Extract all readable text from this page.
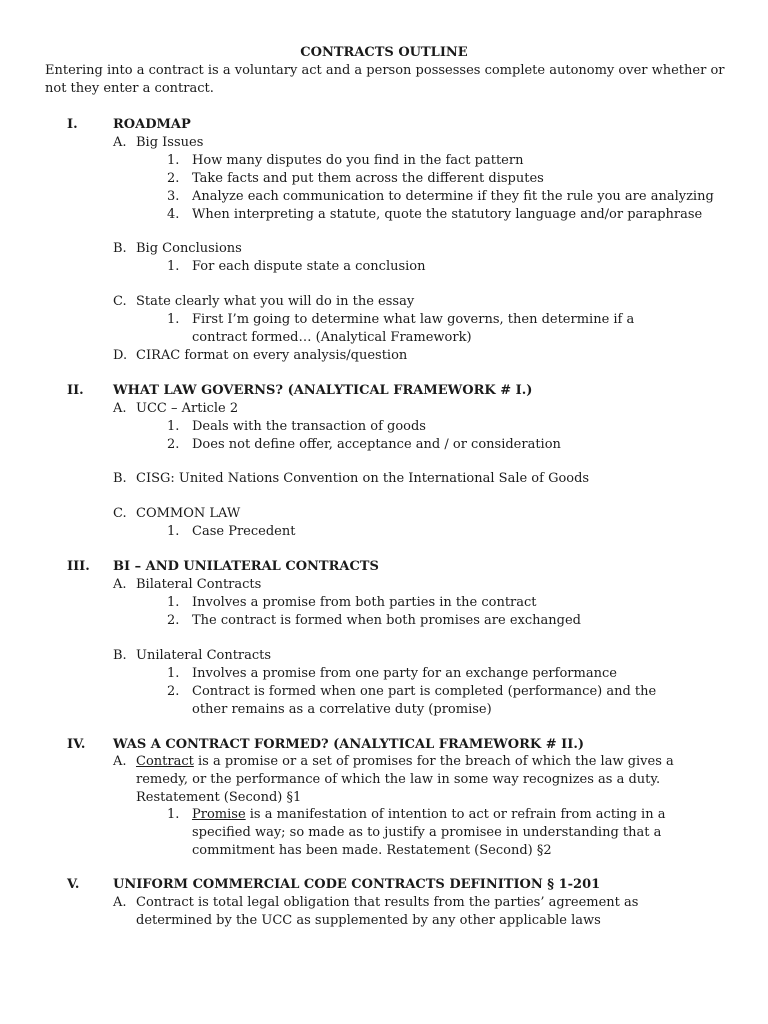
CONTRACTS OUTLINE
Entering into a contract is a voluntary act and a person possesses complete autonomy over whether or not they enter a contract.
I.	ROADMAP
A. Big Issues
1. How many disputes do you find in the fact pattern
2. Take facts and put them across the different disputes
3. Analyze each communication to determine if they fit the rule you are analyzing
4. When interpreting a statute, quote the statutory language and/or paraphrase
B. Big Conclusions
1. For each dispute state a conclusion
C. State clearly what you will do in the essay
1. First I’m going to determine what law governs, then determine if a contract formed… (Analytical Framework)
D. CIRAC format on every analysis/question
II. WHAT LAW GOVERNS? (ANALYTICAL FRAMEWORK # I.)
A. UCC – Article 2
1. Deals with the transaction of goods
2. Does not define offer, acceptance and / or consideration
B. CISG: United Nations Convention on the International Sale of Goods
C. COMMON LAW
1. Case Precedent
III. BI – AND UNILATERAL CONTRACTS
A. Bilateral Contracts
1. Involves a promise from both parties in the contract
2. The contract is formed when both promises are exchanged
B. Unilateral Contracts
1. Involves a promise from one party for an exchange performance
2. Contract is formed when one part is completed (performance) and the other remains as a correlative duty (promise)
IV. WAS A CONTRACT FORMED? (ANALYTICAL FRAMEWORK # II.)
A. Contract is a promise or a set of promises for the breach of which the law gives a remedy, or the performance of which the law in some way recognizes as a duty. Restatement (Second) §1
1. Promise is a manifestation of intention to act or refrain from acting in a specified way; so made as to justify a promisee in understanding that a commitment has been made. Restatement (Second) §2
V.	UNIFORM COMMERCIAL CODE CONTRACTS DEFINITION § 1-201
A. Contract is total legal obligation that results from the parties’ agreement as determined by the UCC as supplemented by any other applicable laws
